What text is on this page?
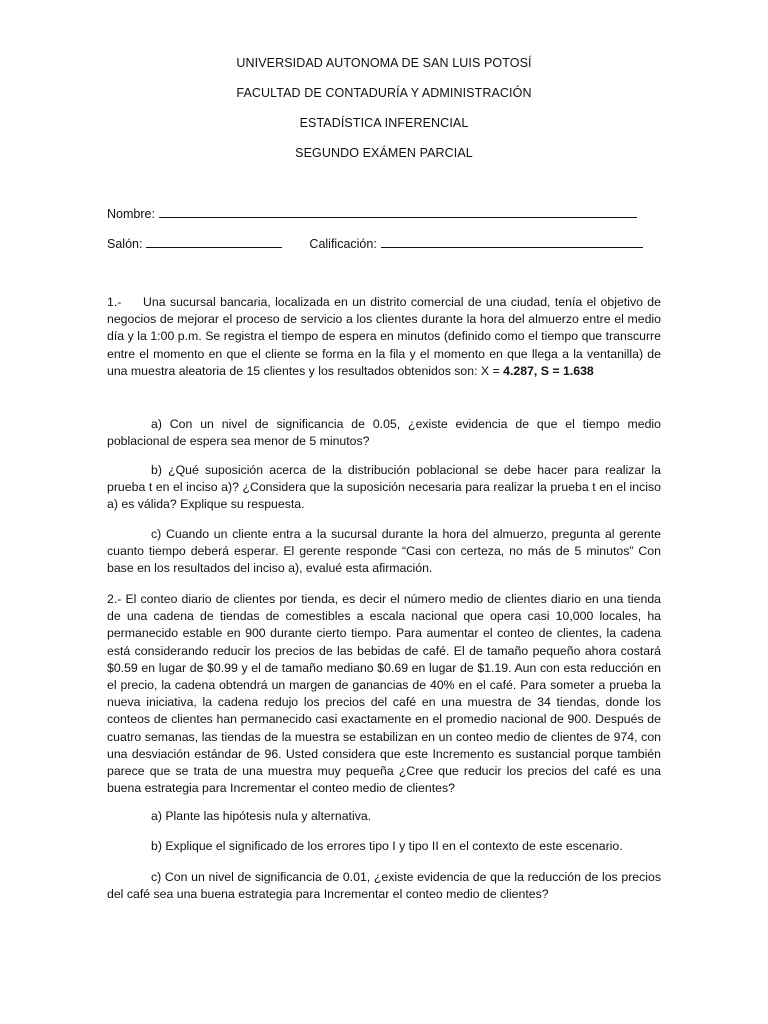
UNIVERSIDAD AUTONOMA DE SAN LUIS POTOSÍ
FACULTAD DE CONTADURÍA Y ADMINISTRACIÓN
ESTADÍSTICA INFERENCIAL
SEGUNDO EXÁMEN PARCIAL
Nombre:
Salón:	Calificación:

1.- Una sucursal bancaria, localizada en un distrito comercial de una ciudad, tenía el objetivo de negocios de mejorar el proceso de servicio a los clientes durante la hora del almuerzo entre el medio día y la 1:00 p.m. Se registra el tiempo de espera en minutos (definido como el tiempo que transcurre entre el momento en que el cliente se forma en la fila y el momento en que llega a la ventanilla) de una muestra aleatoria de 15 clientes y los resultados obtenidos son: X = 4.287, S = 1.638

a) Con un nivel de significancia de 0.05, ¿existe evidencia de que el tiempo medio poblacional de espera sea menor de 5 minutos?

b) ¿Qué suposición acerca de la distribución poblacional se debe hacer para realizar la prueba t en el inciso a)? ¿Considera que la suposición necesaria para realizar la prueba t en el inciso a) es válida? Explique su respuesta.

c) Cuando un cliente entra a la sucursal durante la hora del almuerzo, pregunta al gerente cuanto tiempo deberá esperar. El gerente responde “Casi con certeza, no más de 5 minutos” Con base en los resultados del inciso a), evalué esta afirmación.

2.- El conteo diario de clientes por tienda, es decir el número medio de clientes diario en una tienda de una cadena de tiendas de comestibles a escala nacional que opera casi 10,000 locales, ha permanecido estable en 900 durante cierto tiempo. Para aumentar el conteo de clientes, la cadena está considerando reducir los precios de las bebidas de café. El de tamaño pequeño ahora costará $0.59 en lugar de $0.99 y el de tamaño mediano $0.69 en lugar de $1.19. Aun con esta reducción en el precio, la cadena obtendrá un margen de ganancias de 40% en el café. Para someter a prueba la nueva iniciativa, la cadena redujo los precios del café en una muestra de 34 tiendas, donde los conteos de clientes han permanecido casi exactamente en el promedio nacional de 900. Después de cuatro semanas, las tiendas de la muestra se estabilizan en un conteo medio de clientes de 974, con una desviación estándar de 96. Usted considera que este Incremento es sustancial porque también parece que se trata de una muestra muy pequeña ¿Cree que reducir los precios del café es una buena estrategia para Incrementar el conteo medio de clientes?

a) Plante las hipótesis nula y alternativa.

b) Explique el significado de los errores tipo I y tipo II en el contexto de este escenario.

c) Con un nivel de significancia de 0.01, ¿existe evidencia de que la reducción de los precios del café sea una buena estrategia para Incrementar el conteo medio de clientes?
